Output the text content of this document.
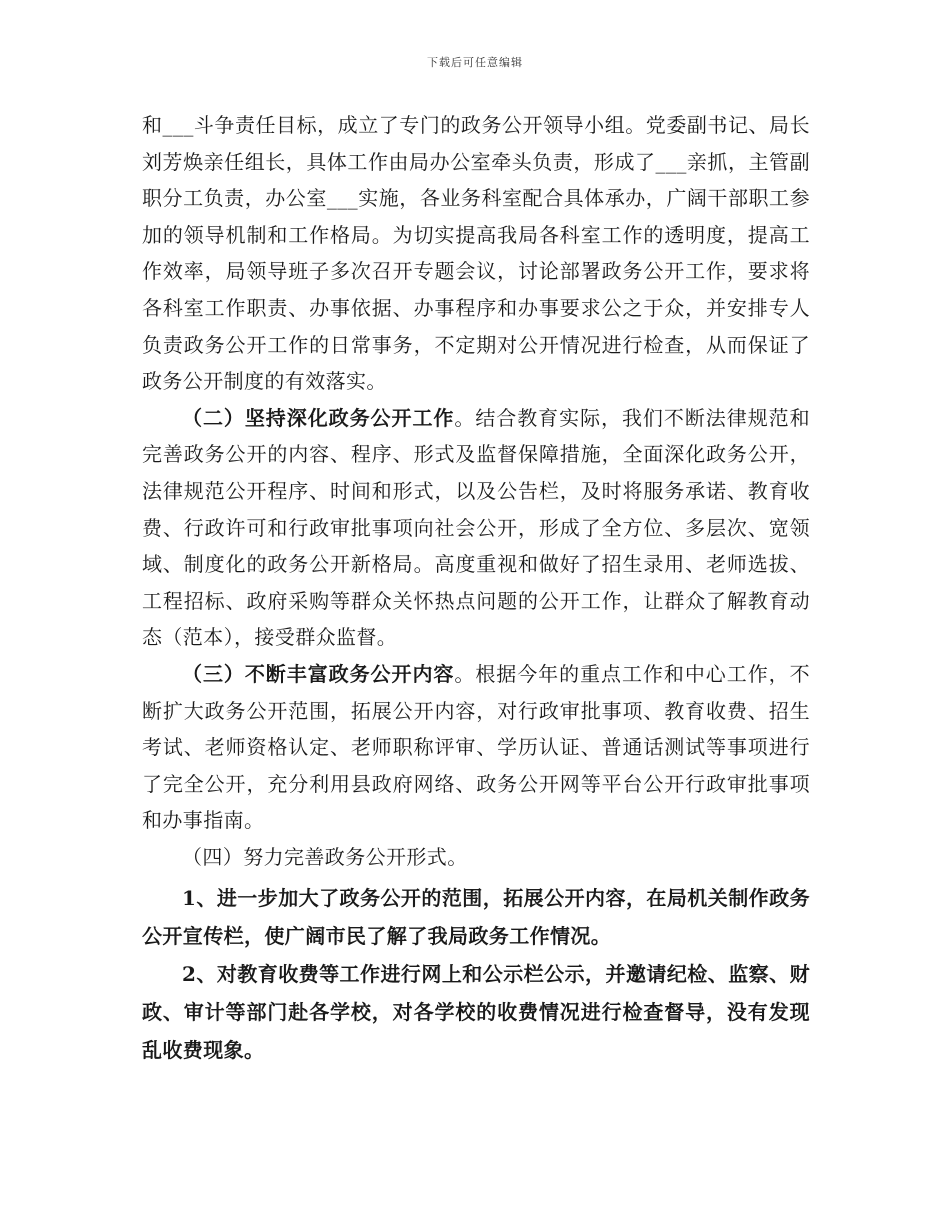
下载后可任意编辑

和___斗争责任目标，成立了专门的政务公开领导小组。党委副书记、局长刘芳焕亲任组长，具体工作由局办公室牵头负责，形成了___亲抓，主管副职分工负责，办公室___实施，各业务科室配合具体承办，广阔干部职工参加的领导机制和工作格局。为切实提高我局各科室工作的透明度，提高工作效率，局领导班子多次召开专题会议，讨论部署政务公开工作，要求将各科室工作职责、办事依据、办事程序和办事要求公之于众，并安排专人负责政务公开工作的日常事务，不定期对公开情况进行检查，从而保证了政务公开制度的有效落实。

（二）坚持深化政务公开工作。结合教育实际，我们不断法律规范和完善政务公开的内容、程序、形式及监督保障措施，全面深化政务公开，法律规范公开程序、时间和形式，以及公告栏，及时将服务承诺、教育收费、行政许可和行政审批事项向社会公开，形成了全方位、多层次、宽领域、制度化的政务公开新格局。高度重视和做好了招生录用、老师选拔、工程招标、政府采购等群众关怀热点问题的公开工作，让群众了解教育动态（范本），接受群众监督。

（三）不断丰富政务公开内容。根据今年的重点工作和中心工作，不断扩大政务公开范围，拓展公开内容，对行政审批事项、教育收费、招生考试、老师资格认定、老师职称评审、学历认证、普通话测试等事项进行了完全公开，充分利用县政府网络、政务公开网等平台公开行政审批事项和办事指南。

（四）努力完善政务公开形式。

1、进一步加大了政务公开的范围，拓展公开内容，在局机关制作政务公开宣传栏，使广阔市民了解了我局政务工作情况。

2、对教育收费等工作进行网上和公示栏公示，并邀请纪检、监察、财政、审计等部门赴各学校，对各学校的收费情况进行检查督导，没有发现乱收费现象。
